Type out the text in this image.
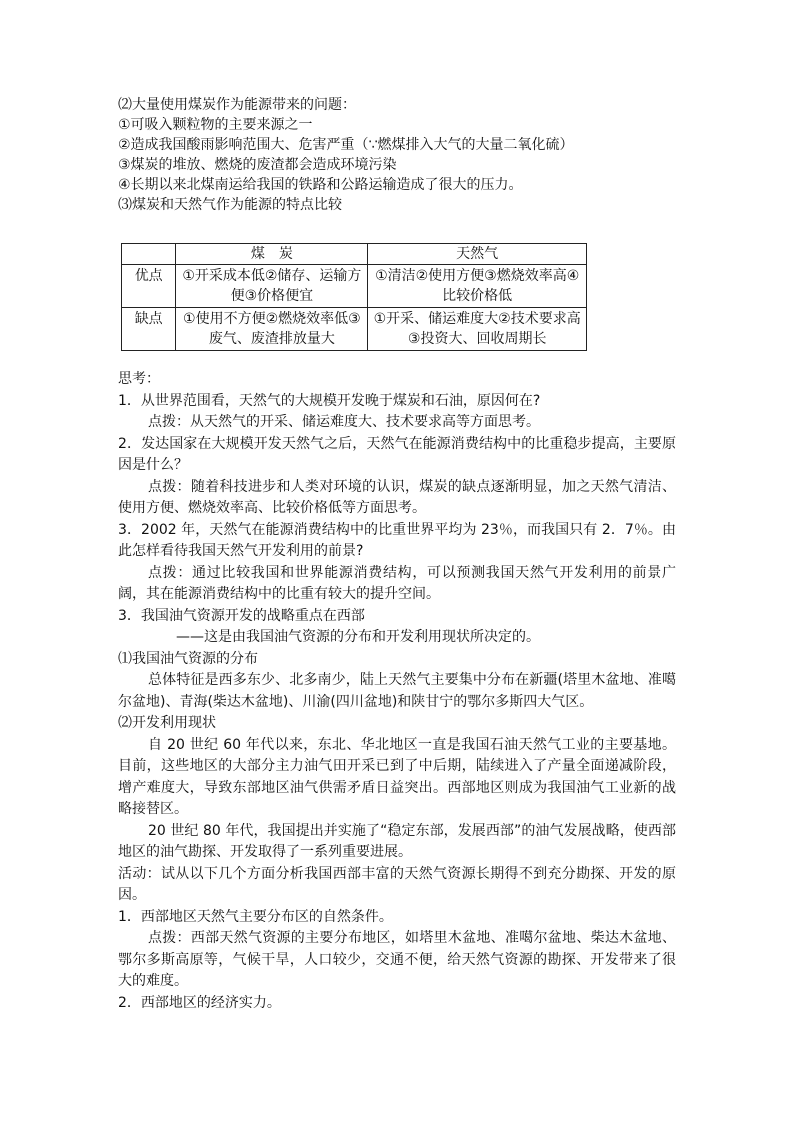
⑵大量使用煤炭作为能源带来的问题：

①可吸入颗粒物的主要来源之一

②造成我国酸雨影响范围大、危害严重（∵燃煤排入大气的大量二氧化硫）

③煤炭的堆放、燃烧的废渣都会造成环境污染

④长期以来北煤南运给我国的铁路和公路运输造成了很大的压力。

⑶煤炭和天然气作为能源的特点比较

	煤　炭	天然气
优点	①开采成本低②储存、运输方便③价格便宜	①清洁②使用方便③燃烧效率高④比较价格低
缺点	①使用不方便②燃烧效率低③废气、废渣排放量大	①开采、储运难度大②技术要求高③投资大、回收周期长

思考：

1．从世界范围看，天然气的大规模开发晚于煤炭和石油，原因何在?

点拨：从天然气的开采、储运难度大、技术要求高等方面思考。

2．发达国家在大规模开发天然气之后，天然气在能源消费结构中的比重稳步提高，主要原因是什么？

点拨：随着科技进步和人类对环境的认识，煤炭的缺点逐渐明显，加之天然气清洁、使用方便、燃烧效率高、比较价格低等方面思考。

3．2002 年，天然气在能源消费结构中的比重世界平均为 23％，而我国只有 2．7％。由此怎样看待我国天然气开发利用的前景?

点拨：通过比较我国和世界能源消费结构，可以预测我国天然气开发利用的前景广阔，其在能源消费结构中的比重有较大的提升空间。

3．我国油气资源开发的战略重点在西部

——这是由我国油气资源的分布和开发利用现状所决定的。

⑴我国油气资源的分布

总体特征是西多东少、北多南少，陆上天然气主要集中分布在新疆(塔里木盆地、准噶尔盆地)、青海(柴达木盆地)、川渝(四川盆地)和陕甘宁的鄂尔多斯四大气区。

⑵开发利用现状

自 20 世纪 60 年代以来，东北、华北地区一直是我国石油天然气工业的主要基地。目前，这些地区的大部分主力油气田开采已到了中后期，陆续进入了产量全面递减阶段，增产难度大，导致东部地区油气供需矛盾日益突出。西部地区则成为我国油气工业新的战略接替区。

20 世纪 80 年代，我国提出并实施了“稳定东部，发展西部”的油气发展战略，使西部地区的油气勘探、开发取得了一系列重要进展。

活动：试从以下几个方面分析我国西部丰富的天然气资源长期得不到充分勘探、开发的原因。

1．西部地区天然气主要分布区的自然条件。

点拨：西部天然气资源的主要分布地区，如塔里木盆地、准噶尔盆地、柴达木盆地、鄂尔多斯高原等，气候干旱，人口较少，交通不便，给天然气资源的勘探、开发带来了很大的难度。

2．西部地区的经济实力。
